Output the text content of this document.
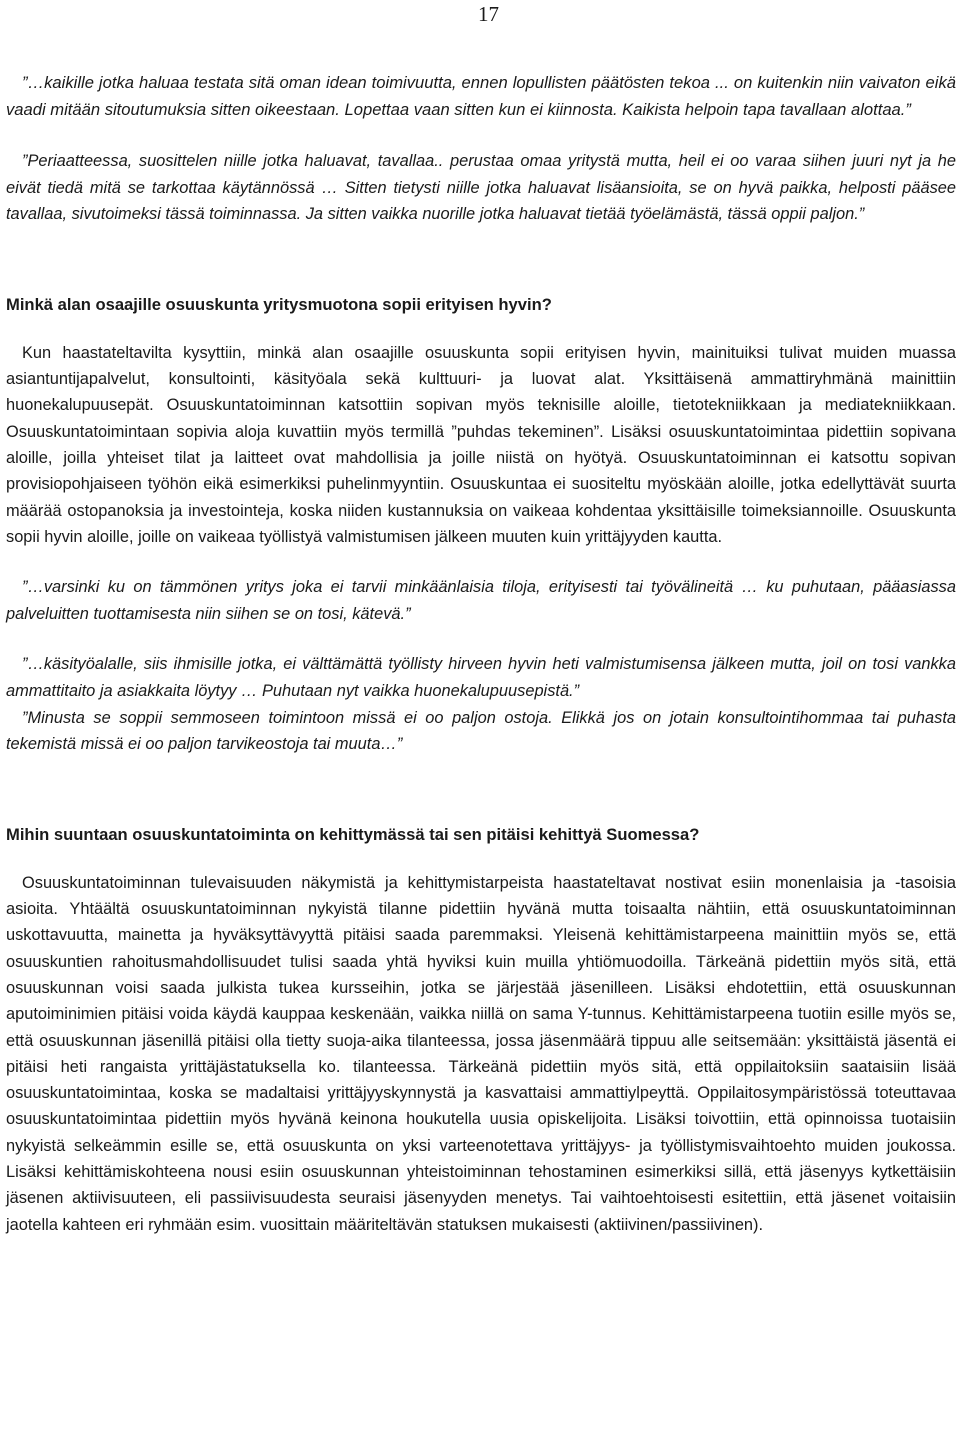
17

”…kaikille jotka haluaa testata sitä oman idean toimivuutta, ennen lopullisten päätösten tekoa ... on kuitenkin niin vaivaton eikä vaadi mitään sitoutumuksia sitten oikeestaan. Lopettaa vaan sitten kun ei kiinnosta. Kaikista helpoin tapa tavallaan alottaa.”

”Periaatteessa, suosittelen niille jotka haluavat, tavallaa.. perustaa omaa yritystä mutta, heil ei oo varaa siihen juuri nyt ja he eivät tiedä mitä se tarkottaa käytännössä … Sitten tietysti niille jotka haluavat lisäansioita, se on hyvä paikka, helposti pääsee tavallaa, sivutoimeksi tässä toiminnassa. Ja sitten vaikka nuorille jotka haluavat tietää työelämästä, tässä oppii paljon.”

Minkä alan osaajille osuuskunta yritysmuotona sopii erityisen hyvin?

Kun haastateltavilta kysyttiin, minkä alan osaajille osuuskunta sopii erityisen hyvin, mainituiksi tulivat muiden muassa asiantuntijapalvelut, konsultointi, käsityöala sekä kulttuuri- ja luovat alat. Yksittäisenä ammattiryhmänä mainittiin huonekalupuusepät. Osuuskuntatoiminnan katsottiin sopivan myös teknisille aloille, tietotekniikkaan ja mediatekniikkaan. Osuuskuntatoimintaan sopivia aloja kuvattiin myös termillä ”puhdas tekeminen”. Lisäksi osuuskuntatoimintaa pidettiin sopivana aloille, joilla yhteiset tilat ja laitteet ovat mahdollisia ja joille niistä on hyötyä. Osuuskuntatoiminnan ei katsottu sopivan provisiopohjaiseen työhön eikä esimerkiksi puhelinmyyntiin. Osuuskuntaa ei suositeltu myöskään aloille, jotka edellyttävät suurta määrää ostopanoksia ja investointeja, koska niiden kustannuksia on vaikeaa kohdentaa yksittäisille toimeksiannoille. Osuuskunta sopii hyvin aloille, joille on vaikeaa työllistyä valmistumisen jälkeen muuten kuin yrittäjyyden kautta.

”…varsinki ku on tämmönen yritys joka ei tarvii minkäänlaisia tiloja, erityisesti tai työvälineitä … ku puhutaan, pääasiassa palveluitten tuottamisesta niin siihen se on tosi, kätevä.”

”…käsityöalalle, siis ihmisille jotka, ei välttämättä työllisty hirveen hyvin heti valmistumisensa jälkeen mutta, joil on tosi vankka ammattitaito ja asiakkaita löytyy … Puhutaan nyt vaikka huonekalupuusepistä.”

”Minusta se soppii semmoseen toimintoon missä ei oo paljon ostoja. Elikkä jos on jotain konsultointihommaa tai puhasta tekemistä missä ei oo paljon tarvikeostoja tai muuta…”

Mihin suuntaan osuuskuntatoiminta on kehittymässä tai sen pitäisi kehittyä Suomessa?

Osuuskuntatoiminnan tulevaisuuden näkymistä ja kehittymistarpeista haastateltavat nostivat esiin monenlaisia ja -tasoisia asioita. Yhtäältä osuuskuntatoiminnan nykyistä tilanne pidettiin hyvänä mutta toisaalta nähtiin, että osuuskuntatoiminnan uskottavuutta, mainetta ja hyväksyttävyyttä pitäisi saada paremmaksi. Yleisenä kehittämistarpeena mainittiin myös se, että osuuskuntien rahoitusmahdollisuudet tulisi saada yhtä hyviksi kuin muilla yhtiömuodoilla. Tärkeänä pidettiin myös sitä, että osuuskunnan voisi saada julkista tukea kursseihin, jotka se järjestää jäsenilleen. Lisäksi ehdotettiin, että osuuskunnan aputoiminimien pitäisi voida käydä kauppaa keskenään, vaikka niillä on sama Y-tunnus. Kehittämistarpeena tuotiin esille myös se, että osuuskunnan jäsenillä pitäisi olla tietty suoja-aika tilanteessa, jossa jäsenmäärä tippuu alle seitsemään: yksittäistä jäsentä ei pitäisi heti rangaista yrittäjästatuksella ko. tilanteessa. Tärkeänä pidettiin myös sitä, että oppilaitoksiin saataisiin lisää osuuskuntatoimintaa, koska se madaltaisi yrittäjyyskynnystä ja kasvattaisi ammattiylpeyttä. Oppilaitosympäristössä toteuttavaa osuuskuntatoimintaa pidettiin myös hyvänä keinona houkutella uusia opiskelijoita. Lisäksi toivottiin, että opinnoissa tuotaisiin nykyistä selkeämmin esille se, että osuuskunta on yksi varteenotettava yrittäjyys- ja työllistymisvaihtoehto muiden joukossa. Lisäksi kehittämiskohteena nousi esiin osuuskunnan yhteistoiminnan tehostaminen esimerkiksi sillä, että jäsenyys kytkettäisiin jäsenen aktiivisuuteen, eli passiivisuudesta seuraisi jäsenyyden menetys. Tai vaihtoehtoisesti esitettiin, että jäsenet voitaisiin jaotella kahteen eri ryhmään esim. vuosittain määriteltävän statuksen mukaisesti (aktiivinen/passiivinen).
